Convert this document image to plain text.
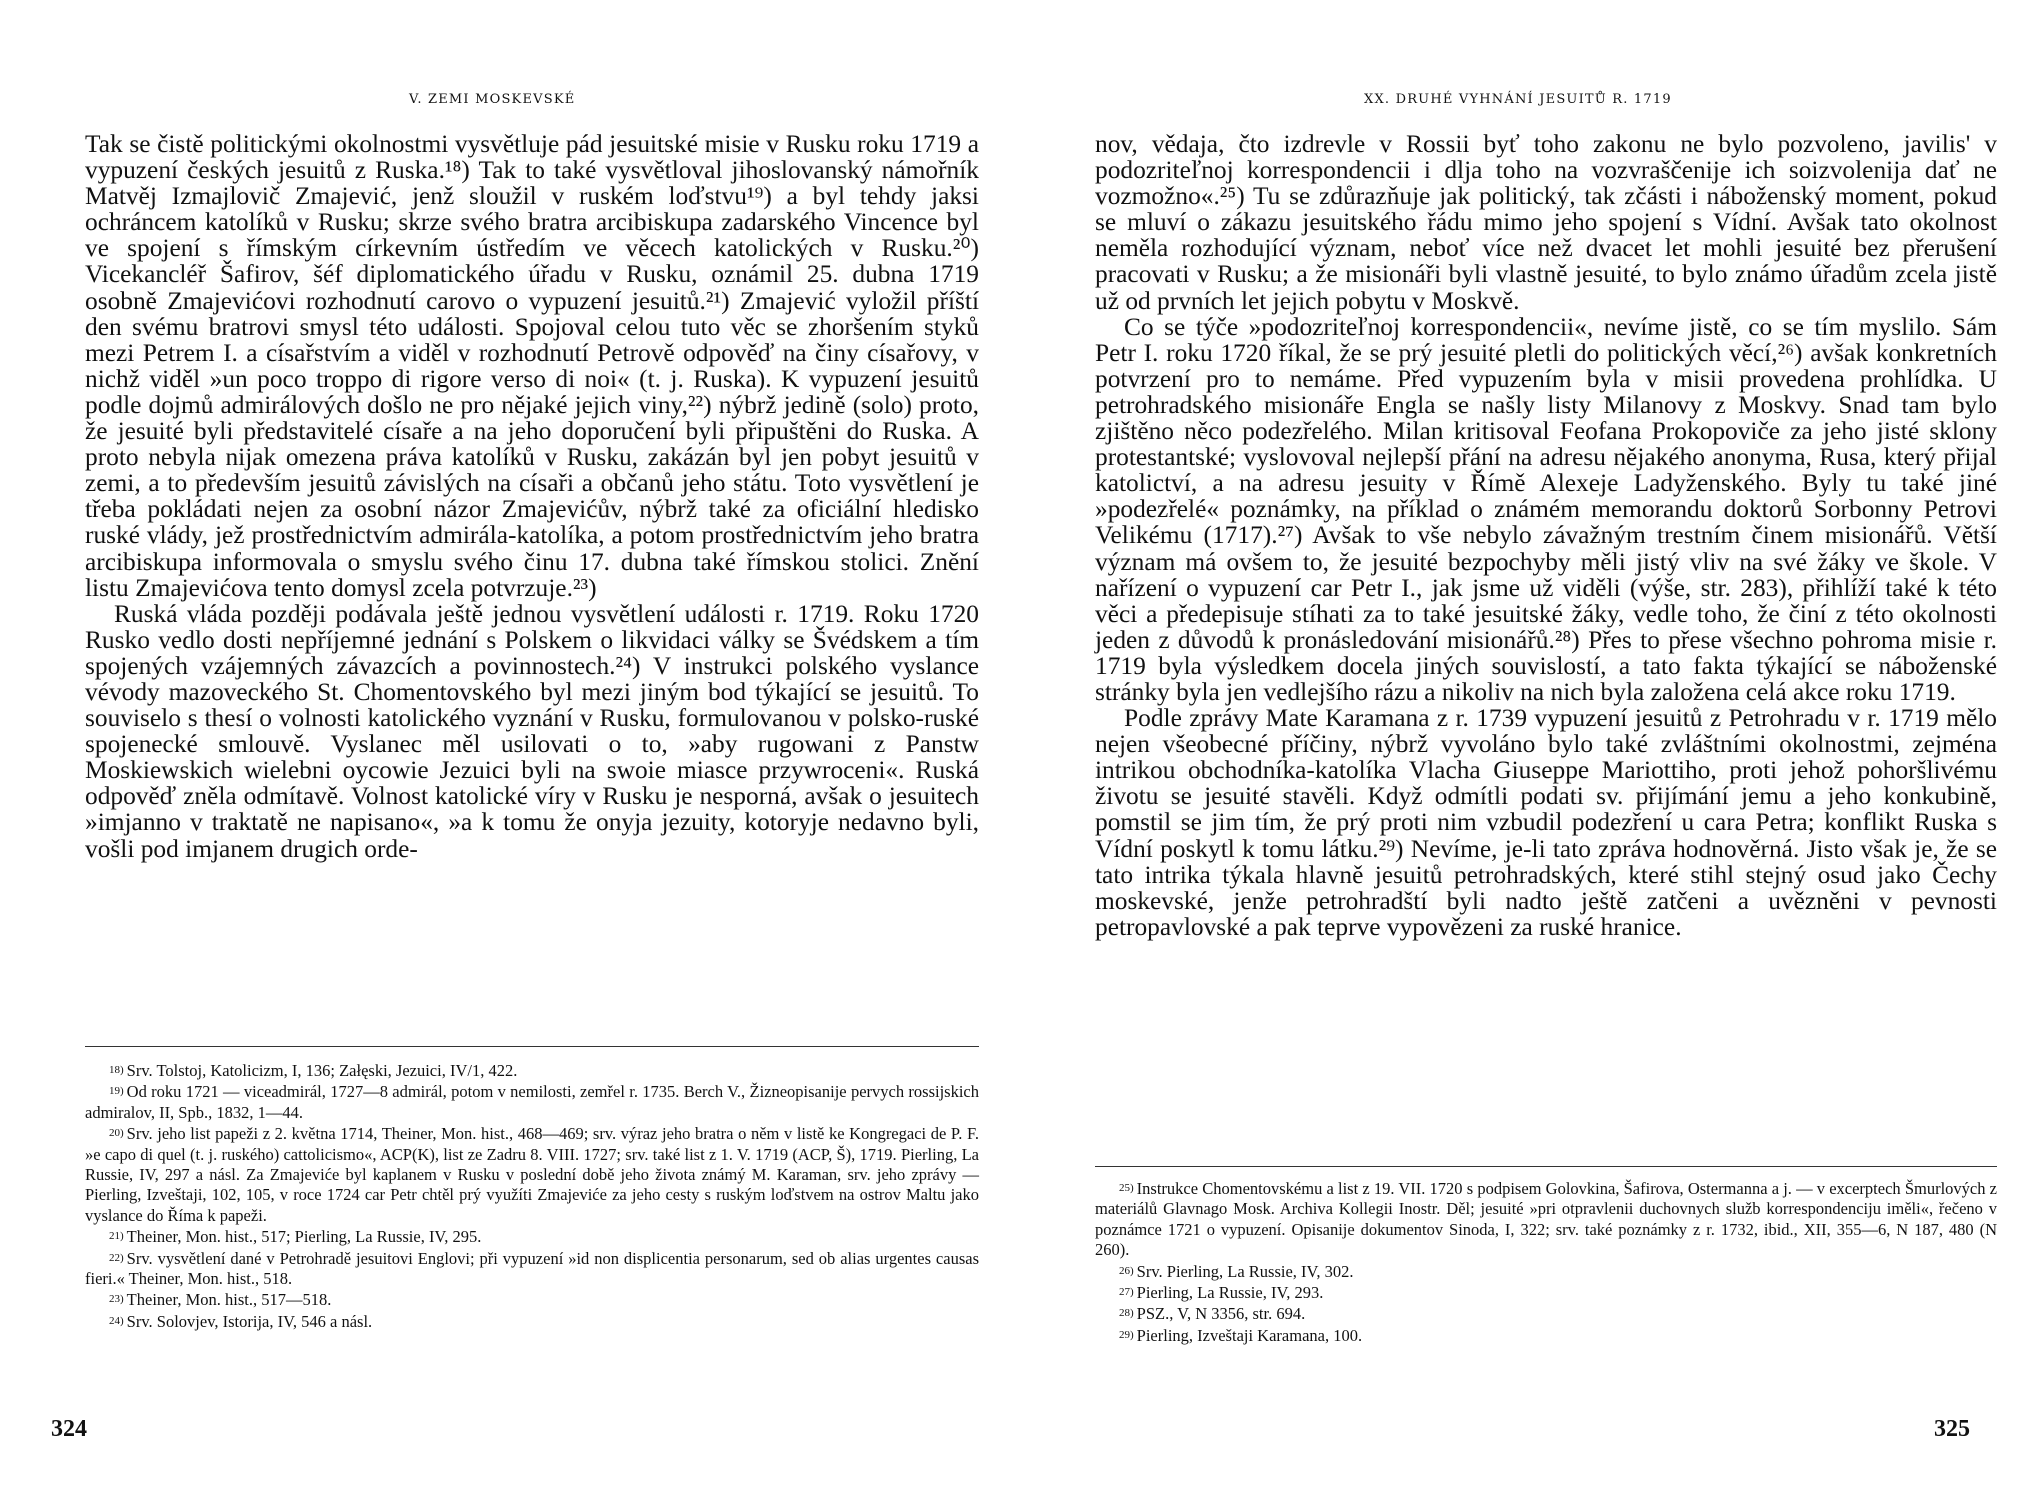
V. ZEMI MOSKEVSKÉ

Tak se čistě politickými okolnostmi vysvětluje pád jesuitské misie v Rusku roku 1719 a vypuzení českých jesuitů z Ruska.¹⁸) Tak to také vysvětloval jihoslovanský námořník Matvěj Izmajlovič Zmajević, jenž sloužil v ruském loďstvu¹⁹) a byl tehdy jaksi ochráncem katolíků v Rusku; skrze svého bratra arcibiskupa zadarského Vincence byl ve spojení s římským církevním ústředím ve věcech katolických v Rusku.²⁰) Vicekancléř Šafirov, šéf diplomatického úřadu v Rusku, oznámil 25. dubna 1719 osobně Zmajevićovi rozhodnutí carovo o vypuzení jesuitů.²¹) Zmajević vyložil příští den svému bratrovi smysl této události. Spojoval celou tuto věc se zhoršením styků mezi Petrem I. a císařstvím a viděl v rozhodnutí Petrově odpověď na činy císařovy, v nichž viděl »un poco troppo di rigore verso di noi« (t. j. Ruska). K vypuzení jesuitů podle dojmů admirálových došlo ne pro nějaké jejich viny,²²) nýbrž jedině (solo) proto, že jesuité byli představitelé císaře a na jeho doporučení byli připuštěni do Ruska. A proto nebyla nijak omezena práva katolíků v Rusku, zakázán byl jen pobyt jesuitů v zemi, a to především jesuitů závislých na císaři a občanů jeho státu. Toto vysvětlení je třeba pokládati nejen za osobní názor Zmajevićův, nýbrž také za oficiální hledisko ruské vlády, jež prostřednictvím admirála-katolíka, a potom prostřednictvím jeho bratra arcibiskupa informovala o smyslu svého činu 17. dubna také římskou stolici. Znění listu Zmajevićova tento domysl zcela potvrzuje.²³)

Ruská vláda později podávala ještě jednou vysvětlení události r. 1719. Roku 1720 Rusko vedlo dosti nepříjemné jednání s Polskem o likvidaci války se Švédskem a tím spojených vzájemných závazcích a povinnostech.²⁴) V instrukci polského vyslance vévody mazoveckého St. Chomentovského byl mezi jiným bod týkající se jesuitů. To souviselo s thesí o volnosti katolického vyznání v Rusku, formulovanou v polsko-ruské spojenecké smlouvě. Vyslanec měl usilovati o to, »aby rugowani z Panstw Moskiewskich wielebni oycowie Jezuici byli na swoie miasce przywroceni«. Ruská odpověď zněla odmítavě. Volnost katolické víry v Rusku je nesporná, avšak o jesuitech »imjanno v traktatě ne napisano«, »a k tomu že onyja jezuity, kotoryje nedavno byli, vošli pod imjanem drugich orde-

18) Srv. Tolstoj, Katolicizm, I, 136; Załęski, Jezuici, IV/1, 422.

19) Od roku 1721 — viceadmirál, 1727—8 admirál, potom v nemilosti, zemřel r. 1735. Berch V., Žizneopisanije pervych rossijskich admiralov, II, Spb., 1832, 1—44.

20) Srv. jeho list papeži z 2. května 1714, Theiner, Mon. hist., 468—469; srv. výraz jeho bratra o něm v listě ke Kongregaci de P. F. »e capo di quel (t. j. ruského) cattolicismo«, ACP(K), list ze Zadru 8. VIII. 1727; srv. také list z 1. V. 1719 (ACP, Š), 1719. Pierling, La Russie, IV, 297 a násl. Za Zmajeviće byl kaplanem v Rusku v poslední době jeho života známý M. Karaman, srv. jeho zprávy — Pierling, Izveštaji, 102, 105, v roce 1724 car Petr chtěl prý využíti Zmajeviće za jeho cesty s ruským loďstvem na ostrov Maltu jako vyslance do Říma k papeži.

21) Theiner, Mon. hist., 517; Pierling, La Russie, IV, 295.

22) Srv. vysvětlení dané v Petrohradě jesuitovi Englovi; při vypuzení »id non displicentia personarum, sed ob alias urgentes causas fieri.« Theiner, Mon. hist., 518.

23) Theiner, Mon. hist., 517—518.

24) Srv. Solovjev, Istorija, IV, 546 a násl.

324
XX. DRUHÉ VYHNÁNÍ JESUITŮ R. 1719

nov, vědaja, čto izdrevle v Rossii byť toho zakonu ne bylo pozvoleno, javilis' v podozriteľnoj korrespondencii i dlja toho na vozvraščenije ich soizvolenija dať ne vozmožno«.²⁵) Tu se zdůrazňuje jak politický, tak zčásti i náboženský moment, pokud se mluví o zákazu jesuitského řádu mimo jeho spojení s Vídní. Avšak tato okolnost neměla rozhodující význam, neboť více než dvacet let mohli jesuité bez přerušení pracovati v Rusku; a že misionáři byli vlastně jesuité, to bylo známo úřadům zcela jistě už od prvních let jejich pobytu v Moskvě.

Co se týče »podozriteľnoj korrespondencii«, nevíme jistě, co se tím myslilo. Sám Petr I. roku 1720 říkal, že se prý jesuité pletli do politických věcí,²⁶) avšak konkretních potvrzení pro to nemáme. Před vypuzením byla v misii provedena prohlídka. U petrohradského misionáře Engla se našly listy Milanovy z Moskvy. Snad tam bylo zjištěno něco podezřelého. Milan kritisoval Feofana Prokopoviče za jeho jisté sklony protestantské; vyslovoval nejlepší přání na adresu nějakého anonyma, Rusa, který přijal katolictví, a na adresu jesuity v Římě Alexeje Ladyženského. Byly tu také jiné »podezřelé« poznámky, na příklad o známém memorandu doktorů Sorbonny Petrovi Velikému (1717).²⁷) Avšak to vše nebylo závažným trestním činem misionářů. Větší význam má ovšem to, že jesuité bezpochyby měli jistý vliv na své žáky ve škole. V nařízení o vypuzení car Petr I., jak jsme už viděli (výše, str. 283), přihlíží také k této věci a předepisuje stíhati za to také jesuitské žáky, vedle toho, že činí z této okolnosti jeden z důvodů k pronásledování misionářů.²⁸) Přes to přese všechno pohroma misie r. 1719 byla výsledkem docela jiných souvislostí, a tato fakta týkající se náboženské stránky byla jen vedlejšího rázu a nikoliv na nich byla založena celá akce roku 1719.

Podle zprávy Mate Karamana z r. 1739 vypuzení jesuitů z Petrohradu v r. 1719 mělo nejen všeobecné příčiny, nýbrž vyvoláno bylo také zvláštními okolnostmi, zejména intrikou obchodníka-katolíka Vlacha Giuseppe Mariottiho, proti jehož pohoršlivému životu se jesuité stavěli. Když odmítli podati sv. přijímání jemu a jeho konkubině, pomstil se jim tím, že prý proti nim vzbudil podezření u cara Petra; konflikt Ruska s Vídní poskytl k tomu látku.²⁹) Nevíme, je-li tato zpráva hodnověrná. Jisto však je, že se tato intrika týkala hlavně jesuitů petrohradských, které stihl stejný osud jako Čechy moskevské, jenže petrohradští byli nadto ještě zatčeni a uvězněni v pevnosti petropavlovské a pak teprve vypovězeni za ruské hranice.

25) Instrukce Chomentovskému a list z 19. VII. 1720 s podpisem Golovkina, Šafirova, Ostermanna a j. — v excerptech Šmurlových z materiálů Glavnago Mosk. Archiva Kollegii Inostr. Děl; jesuité »pri otpravlenii duchovnych služb korrespondenciju iměli«, řečeno v poznámce 1721 o vypuzení. Opisanije dokumentov Sinoda, I, 322; srv. také poznámky z r. 1732, ibid., XII, 355—6, N 187, 480 (N 260).

26) Srv. Pierling, La Russie, IV, 302.

27) Pierling, La Russie, IV, 293.

28) PSZ., V, N 3356, str. 694.

29) Pierling, Izveštaji Karamana, 100.

325
